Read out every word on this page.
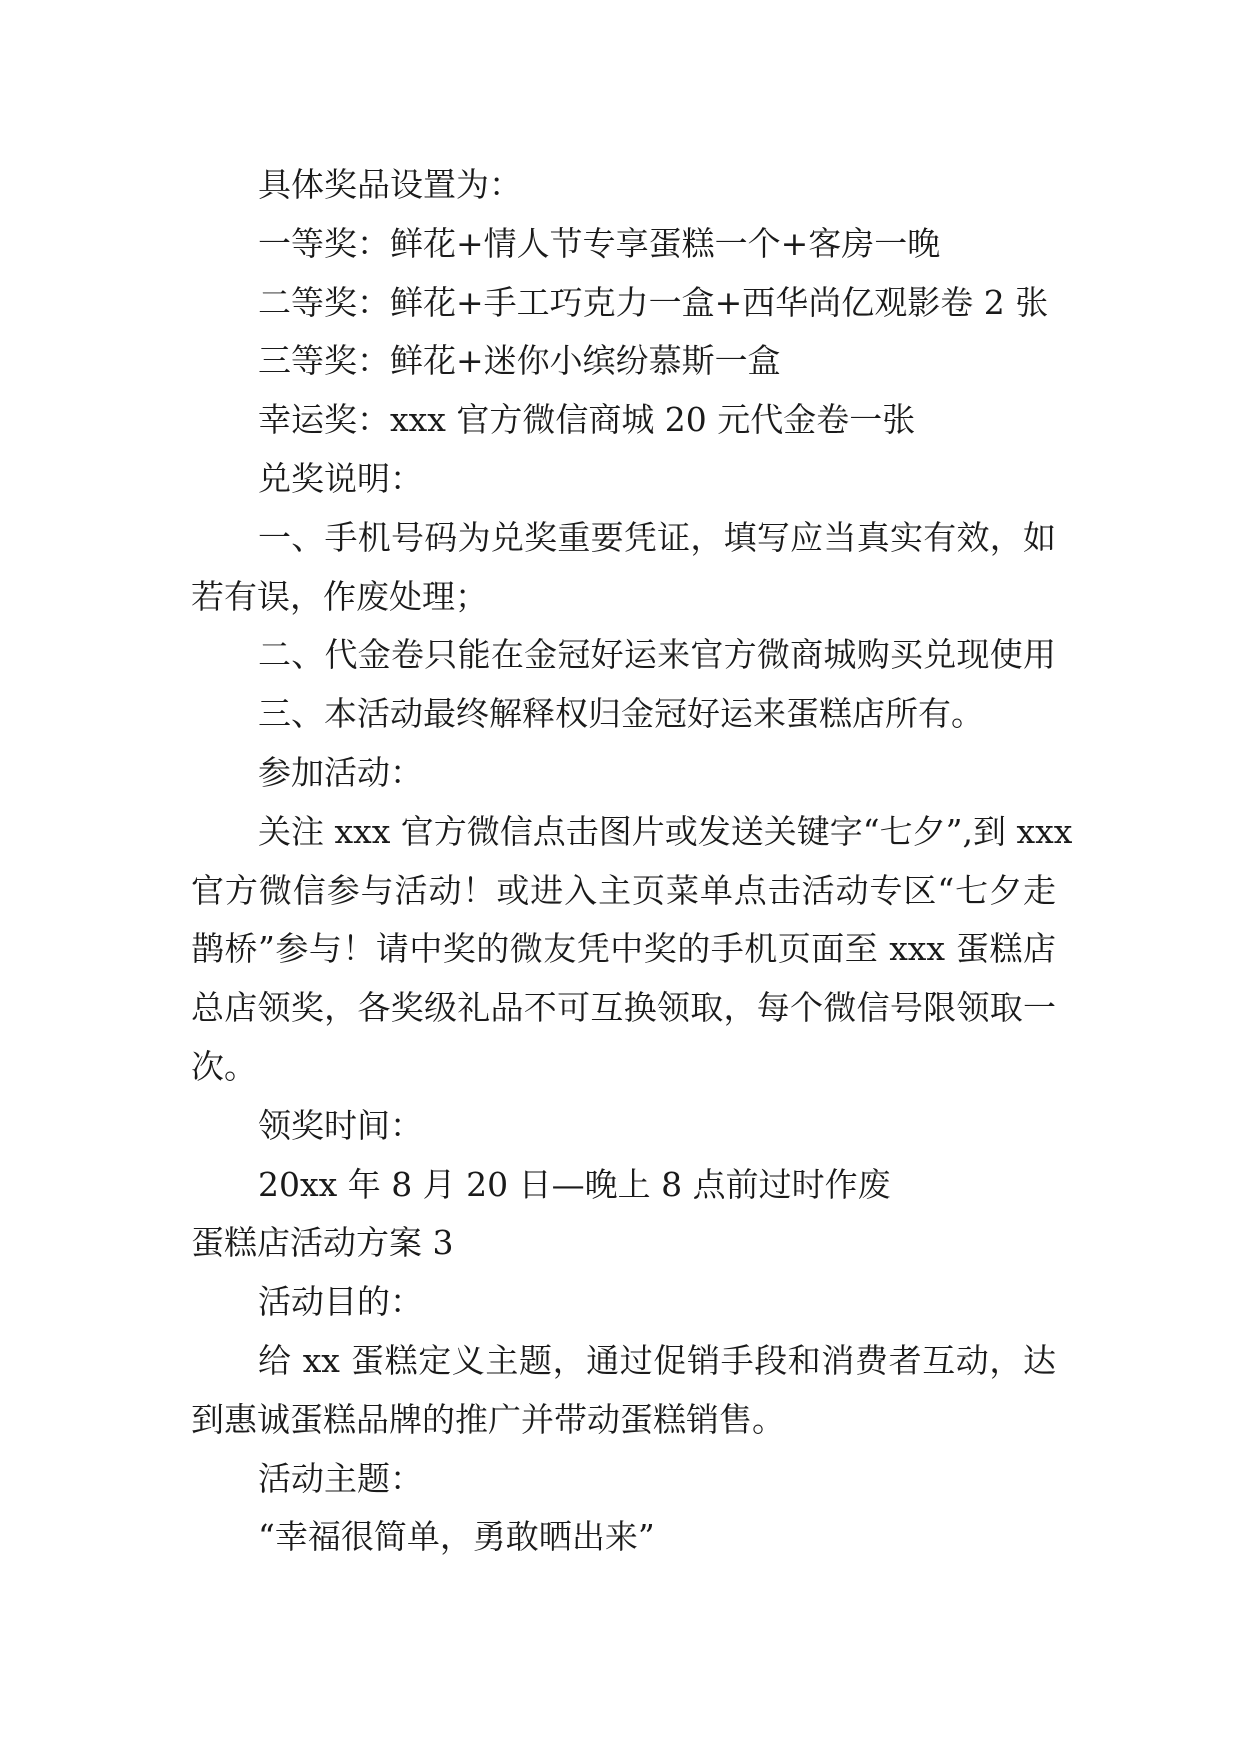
具体奖品设置为：
一等奖：鲜花+情人节专享蛋糕一个+客房一晚
二等奖：鲜花+手工巧克力一盒+西华尚亿观影卷 2 张
三等奖：鲜花+迷你小缤纷慕斯一盒
幸运奖：xxx 官方微信商城 20 元代金卷一张
兑奖说明：
一、手机号码为兑奖重要凭证，填写应当真实有效，如
若有误，作废处理；
二、代金卷只能在金冠好运来官方微商城购买兑现使用
三、本活动最终解释权归金冠好运来蛋糕店所有。
参加活动：
关注 xxx 官方微信点击图片或发送关键字“七夕”,到 xxx
官方微信参与活动！或进入主页菜单点击活动专区“七夕走
鹊桥”参与！请中奖的微友凭中奖的手机页面至 xxx 蛋糕店
总店领奖，各奖级礼品不可互换领取，每个微信号限领取一
次。
领奖时间：
20xx 年 8 月 20 日—晚上 8 点前过时作废
蛋糕店活动方案 3
活动目的：
给 xx 蛋糕定义主题，通过促销手段和消费者互动，达
到惠诚蛋糕品牌的推广并带动蛋糕销售。
活动主题：
“幸福很简单，勇敢晒出来”
